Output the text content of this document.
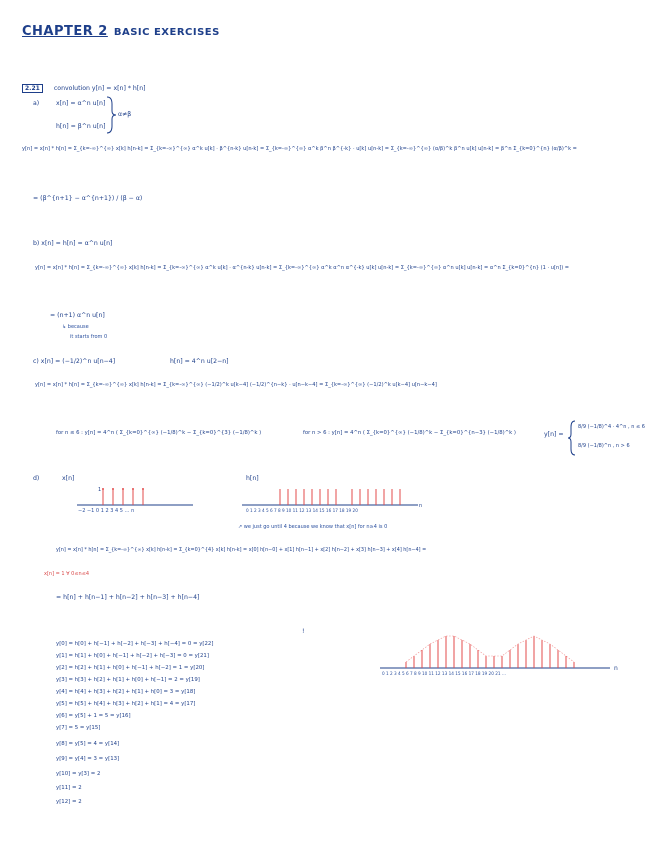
CHAPTER 2 BASIC EXERCISES
2.21 convolution y[n] = x[n] * h[n]
a)	x[n] = α^n u[n]
h[n] = β^n u[n]
α≠β
y[n] = x[n] * h[n] = Σ_{k=-∞}^{∞} x[k] h[n-k] = Σ_{k=-∞}^{∞} α^k u[k] · β^{n-k} u[n-k] = Σ_{k=-∞}^{∞} α^k β^n β^{-k} · u[k] u[n-k] = Σ_{k=-∞}^{∞} (α/β)^k β^n u[k] u[n-k] = β^n Σ_{k=0}^{n} (α/β)^k =
= (β^{n+1} − α^{n+1}) / (β − α)
b) x[n] = h[n] = α^n u[n]
y[n] = x[n] * h[n] = Σ_{k=-∞}^{∞} x[k] h[n-k] = Σ_{k=-∞}^{∞} α^k u[k] · α^{n-k} u[n-k] = Σ_{k=-∞}^{∞} α^k α^n α^{-k} u[k] u[n-k] = Σ_{k=-∞}^{∞} α^n u[k] u[n-k] = α^n Σ_{k=0}^{n} (1 · u[n]) =
= (n+1) α^n u[n]
↳ because
it starts from 0
c) x[n] = (−1/2)^n u[n−4]	h[n] = 4^n u[2−n]
y[n] = x[n] * h[n] = Σ_{k=-∞}^{∞} x[k] h[n-k] = Σ_{k=-∞}^{∞} (−1/2)^k u[k−4] (−1/2)^{n−k} · u[n−k−4] = Σ_{k=-∞}^{∞} (−1/2)^k u[k−4] u[n−k−4]
for n ≤ 6 : y[n] = 4^n ( Σ_{k=0}^{∞} (−1/8)^k − Σ_{k=0}^{3} (−1/8)^k )	for n > 6 : y[n] = 4^n ( Σ_{k=0}^{∞} (−1/8)^k − Σ_{k=0}^{n−3} (−1/8)^k )	y[n] =
8/9 (−1/8)^4 · 4^n , n ≤ 6
8/9 (−1/8)^n , n > 6
d)	x[n]
1
−2 −1 0 1 2 3 4 5 … n
h[n]
n
0 1 2 3 4 5 6 7 8 9 10 11 12 13 14 15 16 17 18 19 20
↗ we just go until 4 because we know that x[n] for n≥4 is 0
y[n] = x[n] * h[n] = Σ_{k=-∞}^{∞} x[k] h[n-k] = Σ_{k=0}^{4} x[k] h[n-k] = x[0] h[n−0] + x[1] h[n−1] + x[2] h[n−2] + x[3] h[n−3] + x[4] h[n−4] =
x[n] = 1 ∀ 0≤n≤4
= h[n] + h[n−1] + h[n−2] + h[n−3] + h[n−4]
!
y[0] = h[0] + h[−1] + h[−2] + h[−3] + h[−4] = 0 = y[22]
y[1] = h[1] + h[0] + h[−1] + h[−2] + h[−3] = 0 = y[21]
y[2] = h[2] + h[1] + h[0] + h[−1] + h[−2] = 1 = y[20]
y[3] = h[3] + h[2] + h[1] + h[0] + h[−1] = 2 = y[19]
y[4] = h[4] + h[3] + h[2] + h[1] + h[0] = 3 = y[18]
y[5] = h[5] + h[4] + h[3] + h[2] + h[1] = 4 = y[17]
y[6] = y[5] + 1 = 5 = y[16]
y[7] = 5 = y[15]
y[8] = y[5] = 4 = y[14]
y[9] = y[4] = 3 = y[13]
y[10] = y[3] = 2
y[11] = 2
y[12] = 2
n
0 1 2 3 4 5 6 7 8 9 10 11 12 13 14 15 16 17 18 19 20 21 …
